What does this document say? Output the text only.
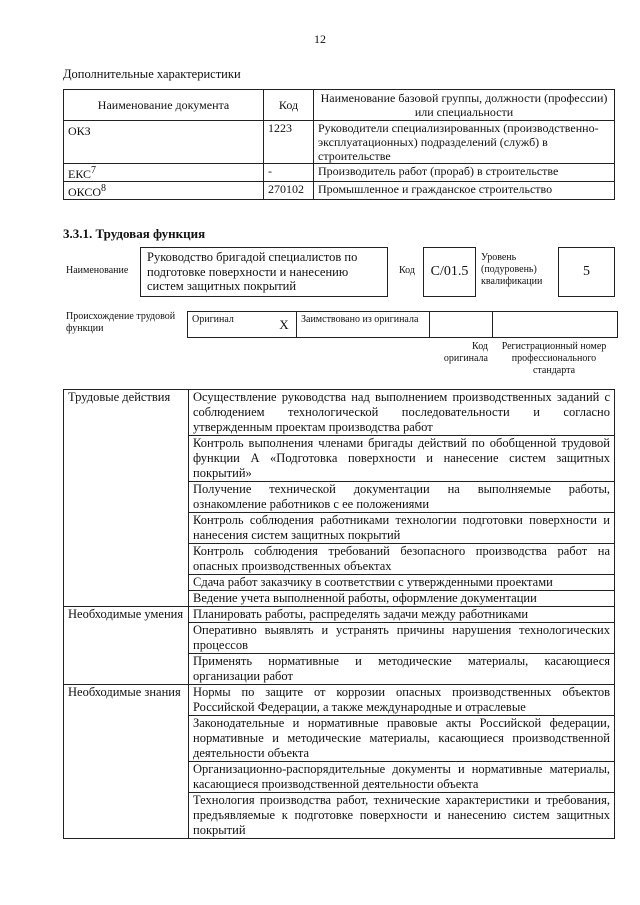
12
Дополнительные характеристики
Наименование документа	Код	Наименование базовой группы, должности (профессии) или специальности
ОКЗ	1223	Руководители специализированных (производственно-эксплуатационных) подразделений (служб) в строительстве
ЕКС$^7$	-	Производитель работ (прораб) в строительстве
ОКСО$^8$	270102	Промышленное и гражданское строительство
3.3.1. Трудовая функция
Наименование
Руководство бригадой специалистов по подготовке поверхности и нанесению систем защитных покрытий
Код	С/01.5
Уровень (подуровень) квалификации
5
Происхождение трудовой функции
Оригинал	X	Заимствовано из оригинала		
Код оригинала
Регистрационный номер профессионального стандарта
Трудовые действия	Осуществление руководства над выполнением производственных заданий с соблюдением технологической последовательности и согласно утвержденным проектам производства работ
	Контроль выполнения членами бригады действий по обобщенной трудовой функции А «Подготовка поверхности и нанесение систем защитных покрытий»
	Получение технической документации на выполняемые работы, ознакомление работников с ее положениями
	Контроль соблюдения работниками технологии подготовки поверхности и нанесения систем защитных покрытий
	Контроль соблюдения требований безопасного производства работ на опасных производственных объектах
	Сдача работ заказчику в соответствии с утвержденными проектами
	Ведение учета выполненной работы, оформление документации
Необходимые умения	Планировать работы, распределять задачи между работниками
	Оперативно выявлять и устранять причины нарушения технологических процессов
	Применять нормативные и методические материалы, касающиеся организации работ
Необходимые знания	Нормы по защите от коррозии опасных производственных объектов Российской Федерации, а также международные и отраслевые
	Законодательные и нормативные правовые акты Российской федерации, нормативные и методические материалы, касающиеся производственной деятельности объекта
	Организационно-распорядительные документы и нормативные материалы, касающиеся производственной деятельности объекта
	Технология производства работ, технические характеристики и требования, предъявляемые к подготовке поверхности и нанесению систем защитных покрытий
